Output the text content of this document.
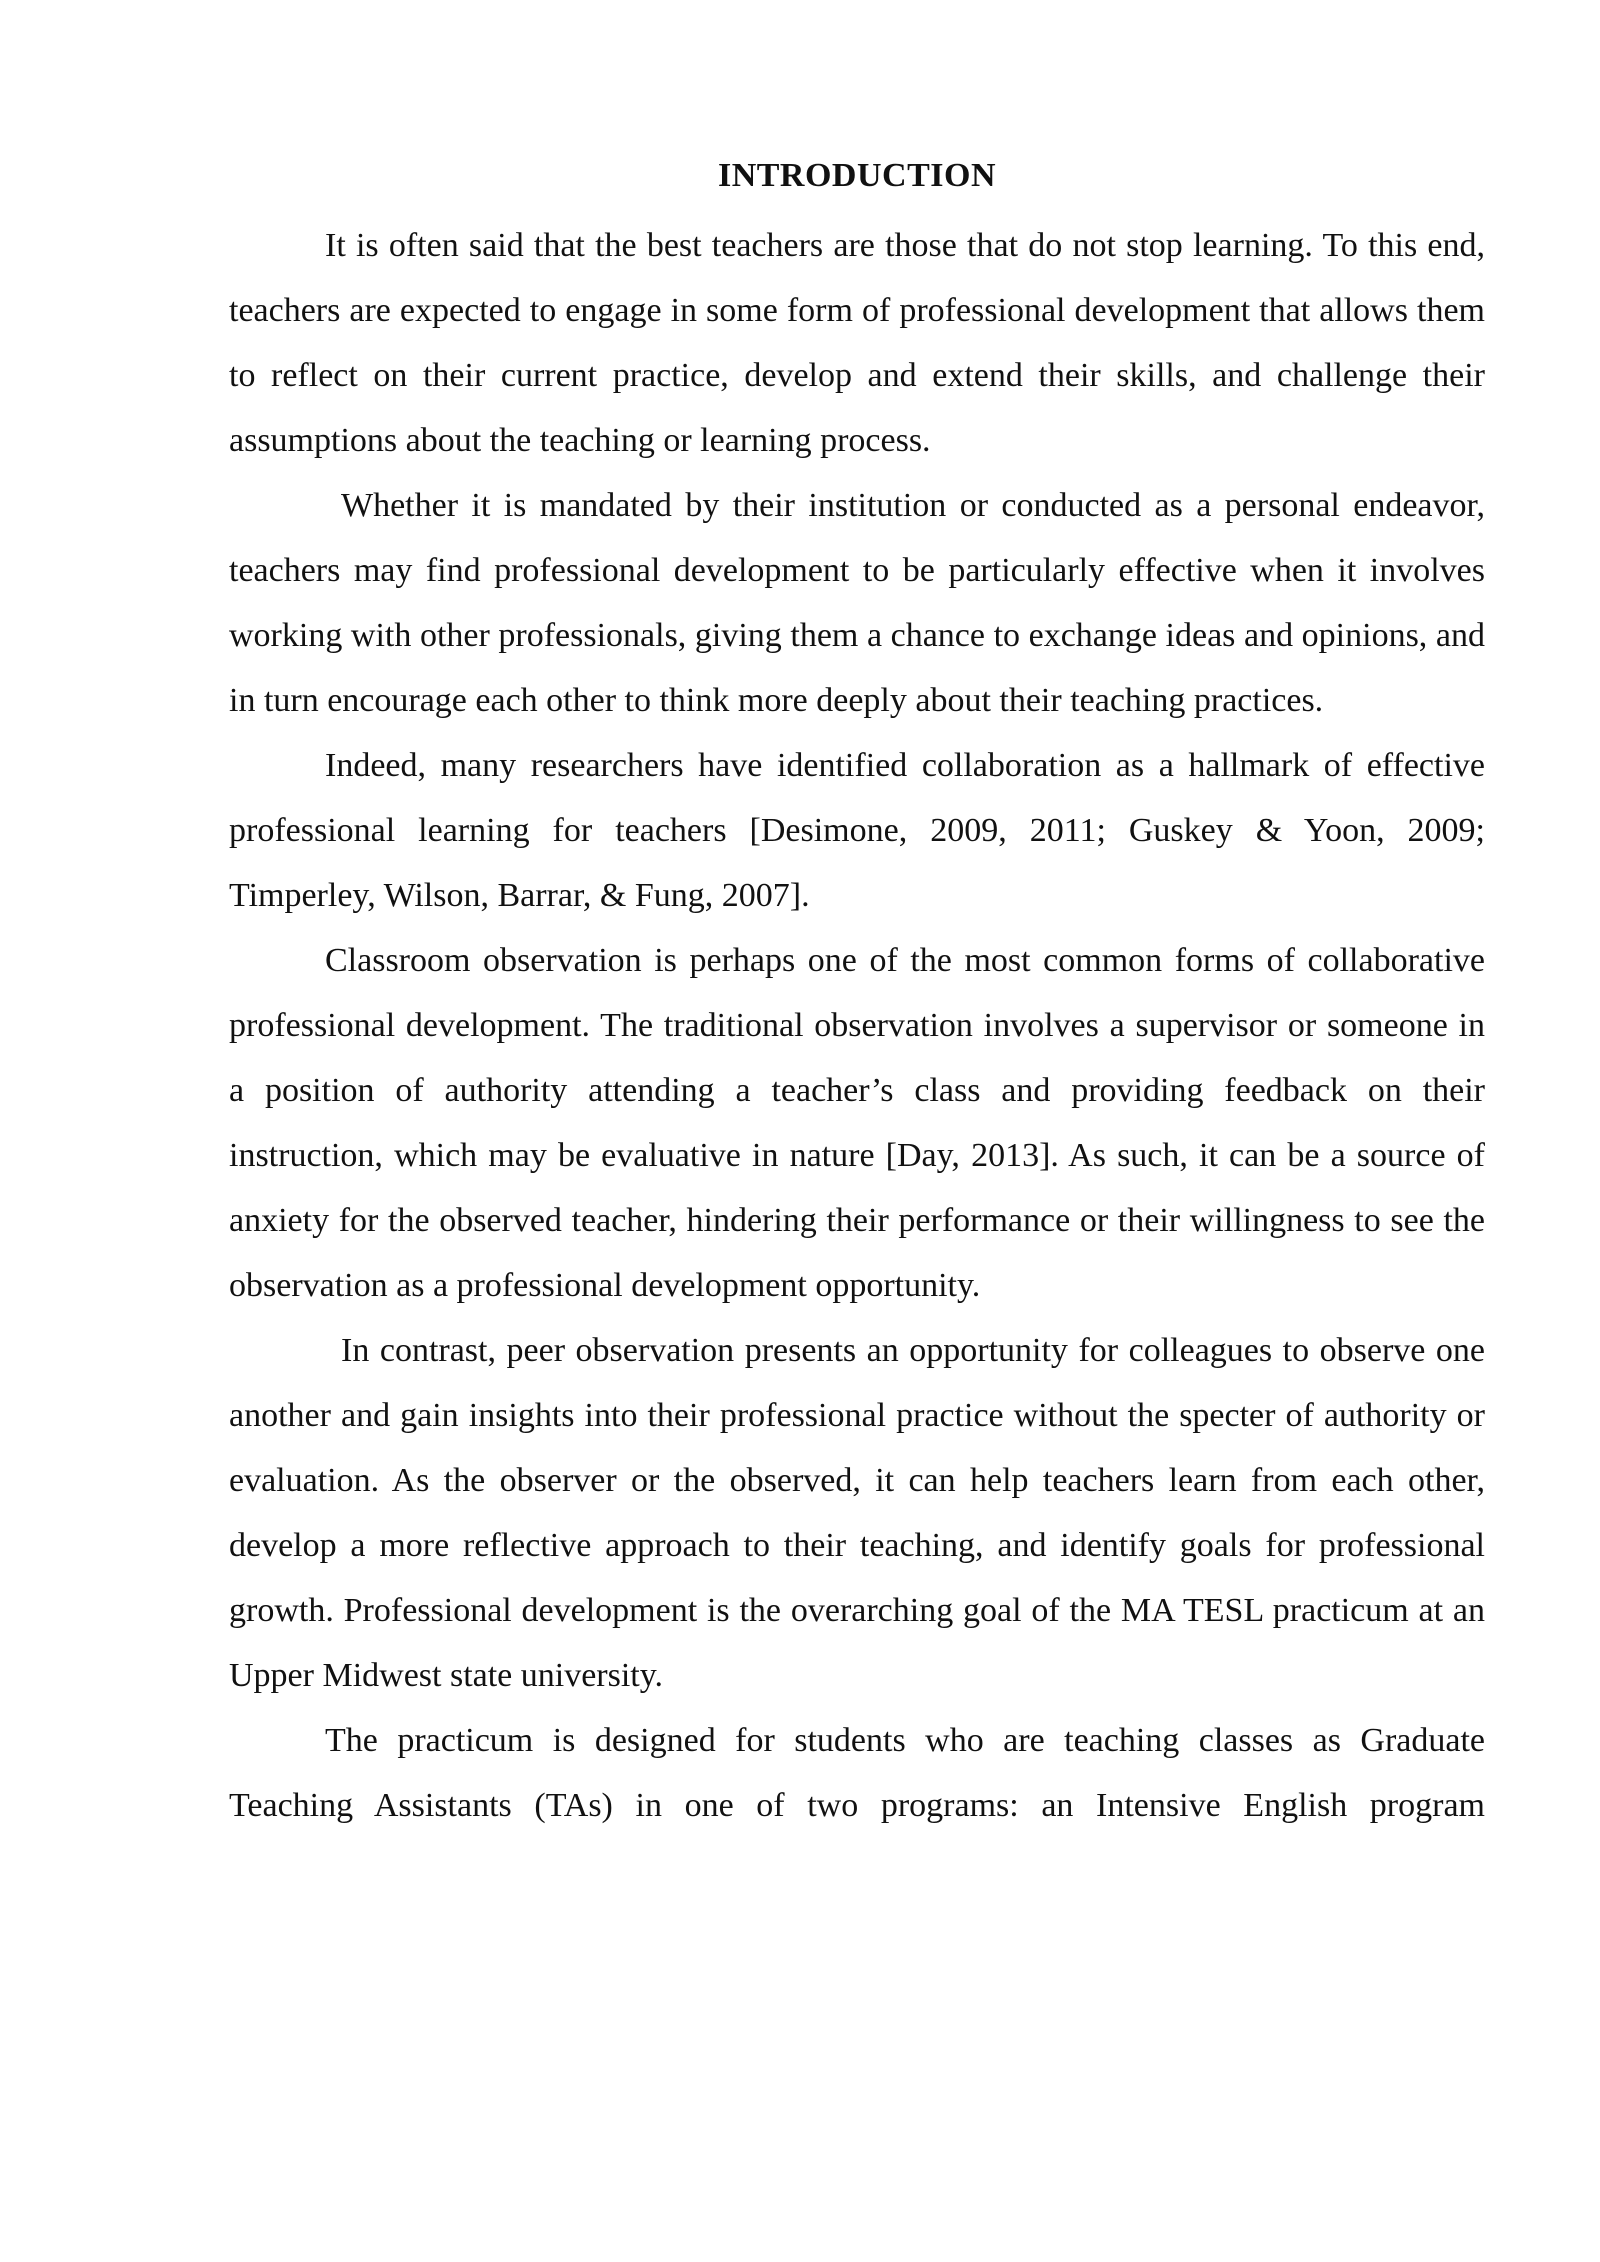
INTRODUCTION

It is often said that the best teachers are those that do not stop learning. To this end, teachers are expected to engage in some form of professional development that allows them to reflect on their current practice, develop and extend their skills, and challenge their assumptions about the teaching or learning process.

Whether it is mandated by their institution or conducted as a personal endeavor, teachers may find professional development to be particularly effective when it involves working with other professionals, giving them a chance to exchange ideas and opinions, and in turn encourage each other to think more deeply about their teaching practices.

Indeed, many researchers have identified collaboration as a hallmark of effective professional learning for teachers [Desimone, 2009, 2011; Guskey & Yoon, 2009; Timperley, Wilson, Barrar, & Fung, 2007].

Classroom observation is perhaps one of the most common forms of collaborative professional development. The traditional observation involves a supervisor or someone in a position of authority attending a teacher’s class and providing feedback on their instruction, which may be evaluative in nature [Day, 2013]. As such, it can be a source of anxiety for the observed teacher, hindering their performance or their willingness to see the observation as a professional development opportunity.

In contrast, peer observation presents an opportunity for colleagues to observe one another and gain insights into their professional practice without the specter of authority or evaluation. As the observer or the observed, it can help teachers learn from each other, develop a more reflective approach to their teaching, and identify goals for professional growth. Professional development is the overarching goal of the MA TESL practicum at an Upper Midwest state university.

The practicum is designed for students who are teaching classes as Graduate Teaching Assistants (TAs) in one of two programs: an Intensive English program
